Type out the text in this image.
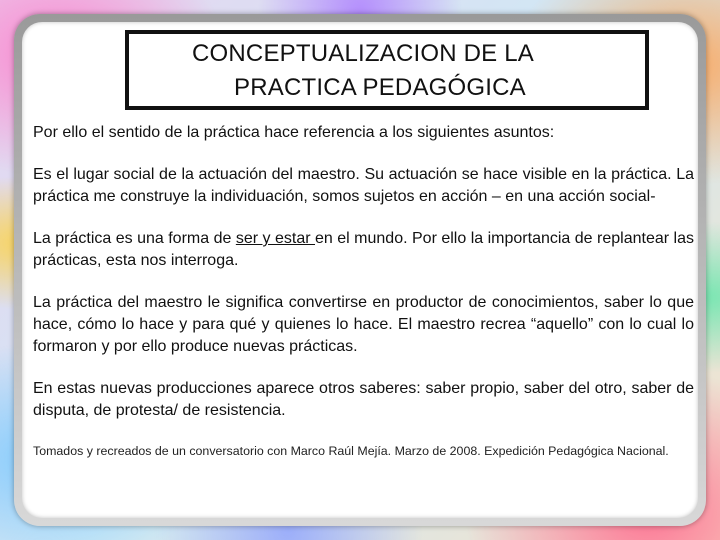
CONCEPTUALIZACION DE LA
PRACTICA PEDAGÓGICA

Por ello el sentido de la práctica hace referencia a los siguientes asuntos:

Es el lugar social de la actuación del maestro. Su actuación se hace visible en la práctica. La práctica me construye la individuación, somos sujetos en acción – en una acción social-

La práctica es una forma de ser y estar en el mundo. Por ello la importancia de replantear las prácticas, esta nos interroga.

La práctica del maestro le significa convertirse en productor de conocimientos, saber lo que hace, cómo lo hace y para qué y quienes lo hace. El maestro recrea “aquello” con lo cual lo formaron y por ello produce nuevas prácticas.

En estas nuevas producciones aparece otros saberes: saber propio, saber del otro, saber de disputa, de protesta/ de resistencia.

Tomados y recreados de un conversatorio con Marco Raúl Mejía. Marzo de 2008. Expedición Pedagógica Nacional.
